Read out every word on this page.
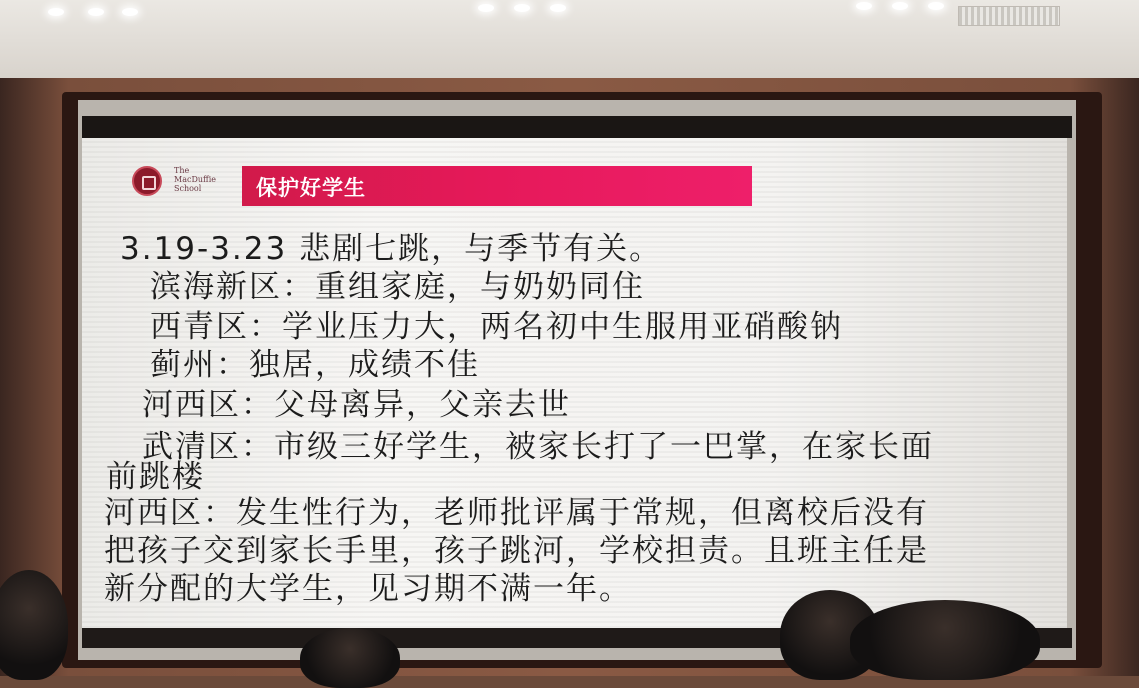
The
MacDuffie
School	保护好学生
3.19-3.23 悲剧七跳，与季节有关。
滨海新区：重组家庭，与奶奶同住
西青区：学业压力大，两名初中生服用亚硝酸钠
蓟州：独居，成绩不佳
河西区：父母离异，父亲去世
武清区：市级三好学生，被家长打了一巴掌，在家长面
前跳楼
河西区：发生性行为，老师批评属于常规，但离校后没有
把孩子交到家长手里，孩子跳河，学校担责。且班主任是
新分配的大学生，见习期不满一年。
